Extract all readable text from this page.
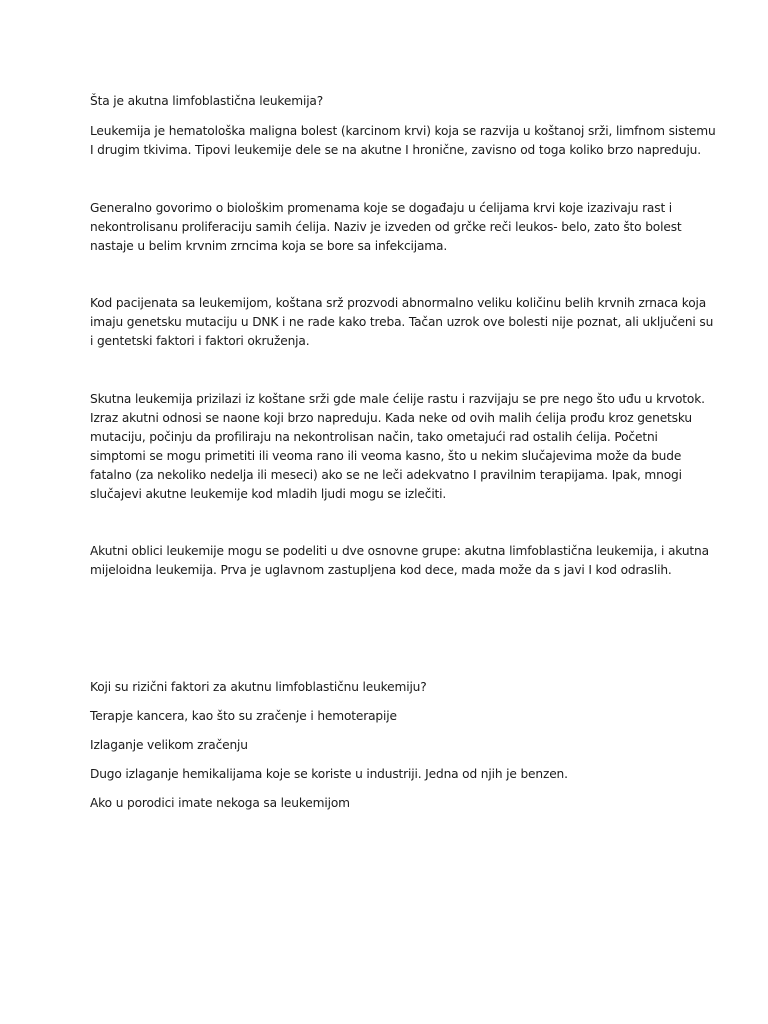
Šta je akutna limfoblastična leukemija?
Leukemija je hematološka maligna bolest (karcinom krvi) koja se razvija u koštanoj srži, limfnom sistemu
I drugim tkivima. Tipovi leukemije dele se na akutne I hronične, zavisno od toga koliko brzo napreduju.
Generalno govorimo o biološkim promenama koje se događaju u ćelijama krvi koje izazivaju rast i
nekontrolisanu proliferaciju samih ćelija. Naziv je izveden od grčke reči leukos- belo, zato što bolest
nastaje u belim krvnim zrncima koja se bore sa infekcijama.
Kod pacijenata sa leukemijom, koštana srž prozvodi abnormalno veliku količinu belih krvnih zrnaca koja
imaju genetsku mutaciju u DNK i ne rade kako treba. Tačan uzrok ove bolesti nije poznat, ali uključeni su
i gentetski faktori i faktori okruženja.
Skutna leukemija prizilazi iz koštane srži gde male ćelije rastu i razvijaju se pre nego što uđu u krvotok.
Izraz akutni odnosi se naone koji brzo napreduju. Kada neke od ovih malih ćelija prođu kroz genetsku
mutaciju, počinju da profiliraju na nekontrolisan način, tako ometajući rad ostalih ćelija. Početni
simptomi se mogu primetiti ili veoma rano ili veoma kasno, što u nekim slučajevima može da bude
fatalno (za nekoliko nedelja ili meseci) ako se ne leči adekvatno I pravilnim terapijama. Ipak, mnogi
slučajevi akutne leukemije kod mladih ljudi mogu se izlečiti.
Akutni oblici leukemije mogu se podeliti u dve osnovne grupe: akutna limfoblastična leukemija, i akutna
mijeloidna leukemija. Prva je uglavnom zastupljena kod dece, mada može da s javi I kod odraslih.
Koji su rizični faktori za akutnu limfoblastičnu leukemiju?
Terapje kancera, kao što su zračenje i hemoterapije
Izlaganje velikom zračenju
Dugo izlaganje hemikalijama koje se koriste u industriji. Jedna od njih je benzen.
Ako u porodici imate nekoga sa leukemijom
